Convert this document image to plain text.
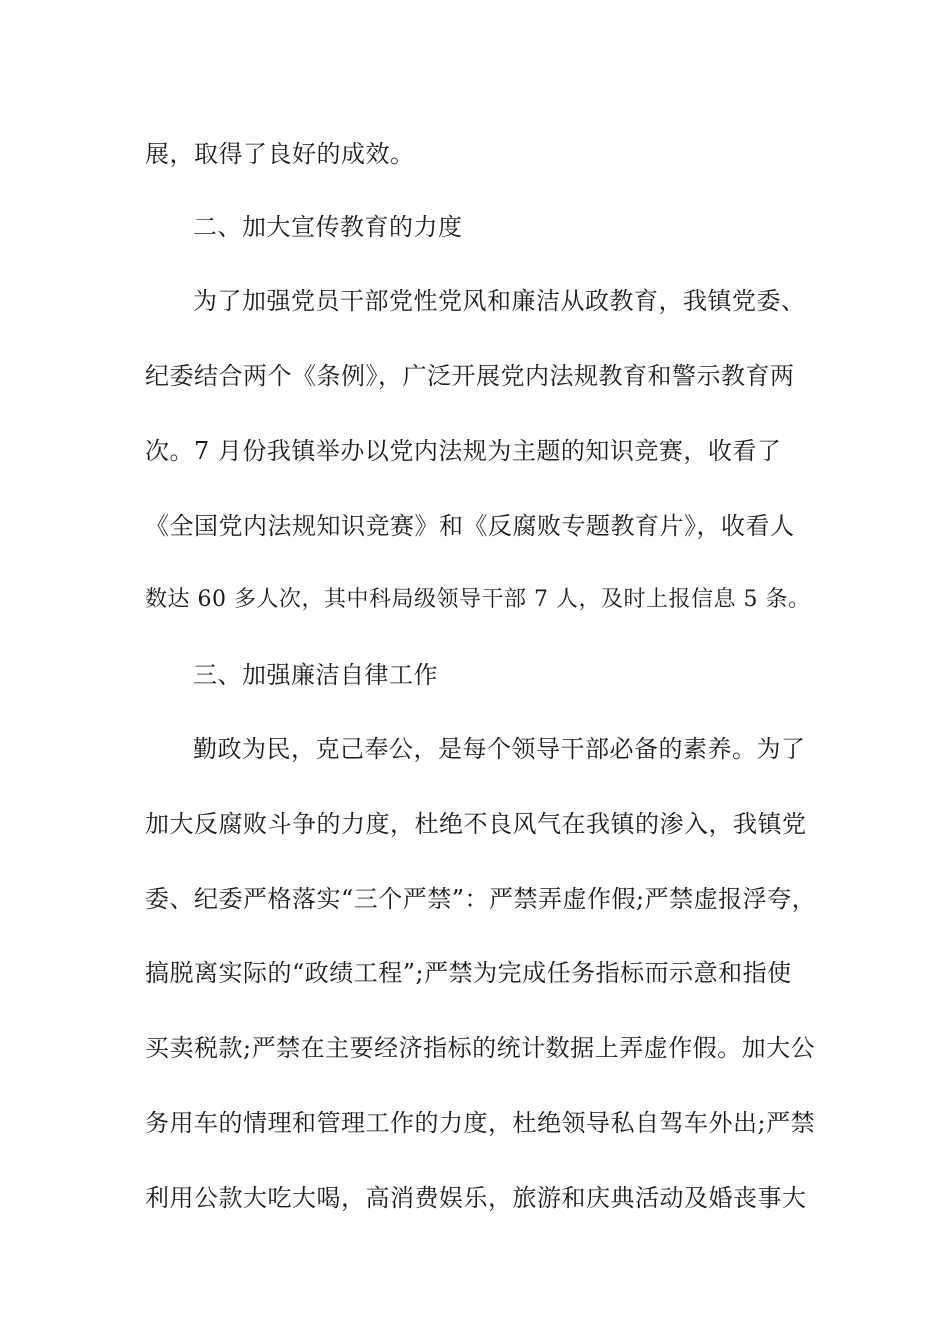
展，取得了良好的成效。
二、加大宣传教育的力度
为了加强党员干部党性党风和廉洁从政教育，我镇党委、
纪委结合两个《条例》，广泛开展党内法规教育和警示教育两
次。7 月份我镇举办以党内法规为主题的知识竞赛，收看了
《全国党内法规知识竞赛》和《反腐败专题教育片》，收看人
数达 60 多人次，其中科局级领导干部 7 人，及时上报信息 5 条。
三、加强廉洁自律工作
勤政为民，克己奉公，是每个领导干部必备的素养。为了
加大反腐败斗争的力度，杜绝不良风气在我镇的渗入，我镇党
委、纪委严格落实“三个严禁”：严禁弄虚作假;严禁虚报浮夸，
搞脱离实际的“政绩工程”;严禁为完成任务指标而示意和指使
买卖税款;严禁在主要经济指标的统计数据上弄虚作假。加大公
务用车的情理和管理工作的力度，杜绝领导私自驾车外出;严禁
利用公款大吃大喝，高消费娱乐，旅游和庆典活动及婚丧事大
